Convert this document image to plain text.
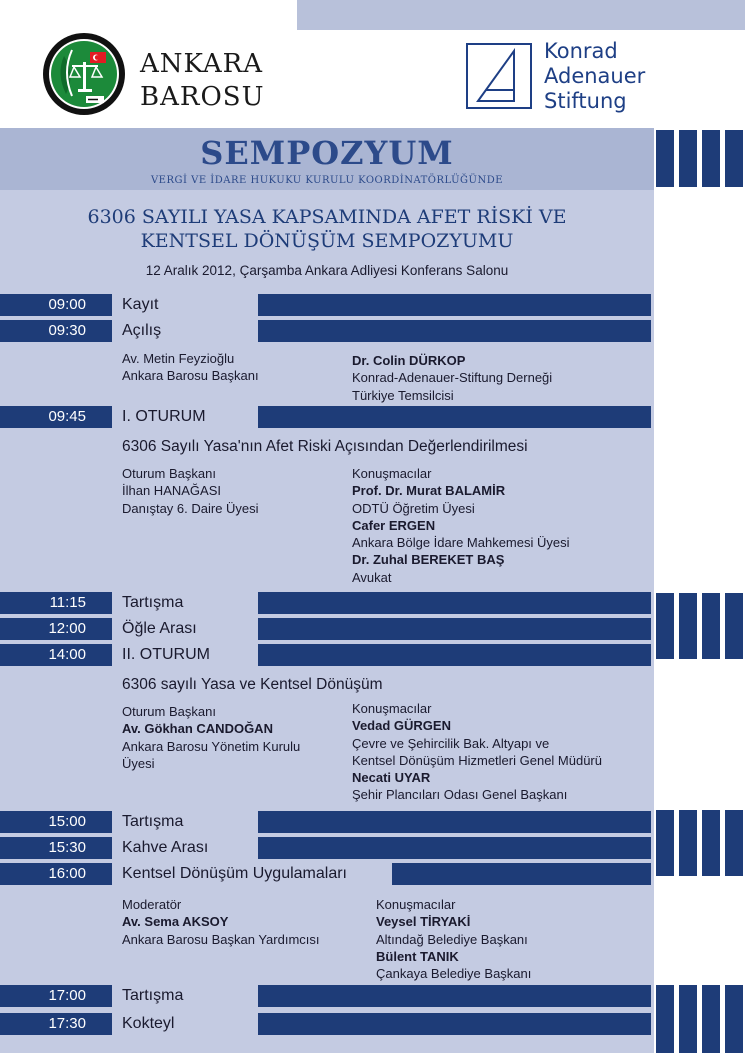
ANKARA
BAROSU
Konrad
Adenauer
Stiftung
SEMPOZYUM
VERGİ VE İDARE HUKUKU KURULU KOORDİNATÖRLÜĞÜNDE
6306 SAYILI YASA KAPSAMINDA AFET RİSKİ VE
KENTSEL DÖNÜŞÜM SEMPOZYUMU
12 Aralık 2012, Çarşamba Ankara Adliyesi Konferans Salonu
09:00	Kayıt
09:30	Açılış
Av. Metin Feyzioğlu
Ankara Barosu Başkanı
Dr. Colin DÜRKOP
Konrad-Adenauer-Stiftung Derneği
Türkiye Temsilcisi
09:45	I. OTURUM
6306 Sayılı Yasa'nın Afet Riski Açısından Değerlendirilmesi
Oturum Başkanı
İlhan HANAĞASI
Danıştay 6. Daire Üyesi
Konuşmacılar
Prof. Dr. Murat BALAMİR
ODTÜ Öğretim Üyesi
Cafer ERGEN
Ankara Bölge İdare Mahkemesi Üyesi
Dr. Zuhal BEREKET BAŞ
Avukat
11:15	Tartışma
12:00	Öğle Arası
14:00	II. OTURUM
6306 sayılı Yasa ve Kentsel Dönüşüm
Oturum Başkanı
Av. Gökhan CANDOĞAN
Ankara Barosu Yönetim Kurulu
Üyesi
Konuşmacılar
Vedad GÜRGEN
Çevre ve Şehircilik Bak. Altyapı ve
Kentsel Dönüşüm Hizmetleri Genel Müdürü
Necati UYAR
Şehir Plancıları Odası Genel Başkanı
15:00	Tartışma
15:30	Kahve Arası
16:00	Kentsel Dönüşüm Uygulamaları
Moderatör
Av. Sema AKSOY
Ankara Barosu Başkan Yardımcısı
Konuşmacılar
Veysel TİRYAKİ
Altındağ Belediye Başkanı
Bülent TANIK
Çankaya Belediye Başkanı
17:00	Tartışma
17:30	Kokteyl
